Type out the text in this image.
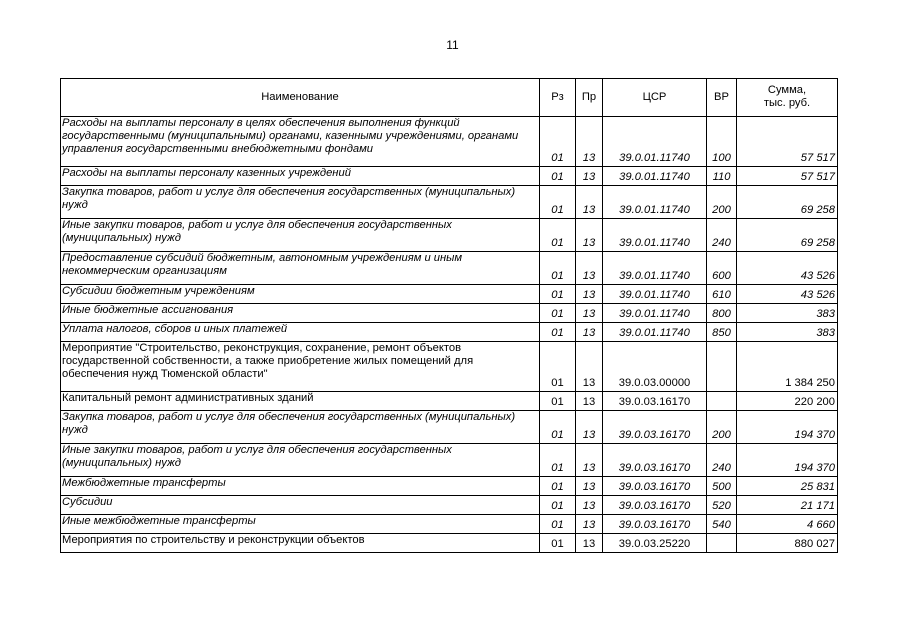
11
Наименование	Рз	Пр	ЦСР	ВР	Сумма,
тыс. руб.
Расходы на выплаты персоналу в целях обеспечения выполнения функций государственными (муниципальными) органами, казенными учреждениями, органами управления государственными внебюджетными фондами	01	13	39.0.01.11740	100	57 517
Расходы на выплаты персоналу казенных учреждений	01	13	39.0.01.11740	110	57 517
Закупка товаров, работ и услуг для обеспечения государственных (муниципальных) нужд	01	13	39.0.01.11740	200	69 258
Иные закупки товаров, работ и услуг для обеспечения государственных (муниципальных) нужд	01	13	39.0.01.11740	240	69 258
Предоставление субсидий бюджетным, автономным учреждениям и иным некоммерческим организациям	01	13	39.0.01.11740	600	43 526
Субсидии бюджетным учреждениям	01	13	39.0.01.11740	610	43 526
Иные бюджетные ассигнования	01	13	39.0.01.11740	800	383
Уплата налогов, сборов и иных платежей	01	13	39.0.01.11740	850	383
Мероприятие "Строительство, реконструкция, сохранение, ремонт объектов государственной собственности, а также приобретение жилых помещений для обеспечения нужд Тюменской области"	01	13	39.0.03.00000		1 384 250
Капитальный ремонт административных зданий	01	13	39.0.03.16170		220 200
Закупка товаров, работ и услуг для обеспечения государственных (муниципальных) нужд	01	13	39.0.03.16170	200	194 370
Иные закупки товаров, работ и услуг для обеспечения государственных (муниципальных) нужд	01	13	39.0.03.16170	240	194 370
Межбюджетные трансферты	01	13	39.0.03.16170	500	25 831
Субсидии	01	13	39.0.03.16170	520	21 171
Иные межбюджетные трансферты	01	13	39.0.03.16170	540	4 660
Мероприятия по строительству и реконструкции объектов	01	13	39.0.03.25220		880 027
